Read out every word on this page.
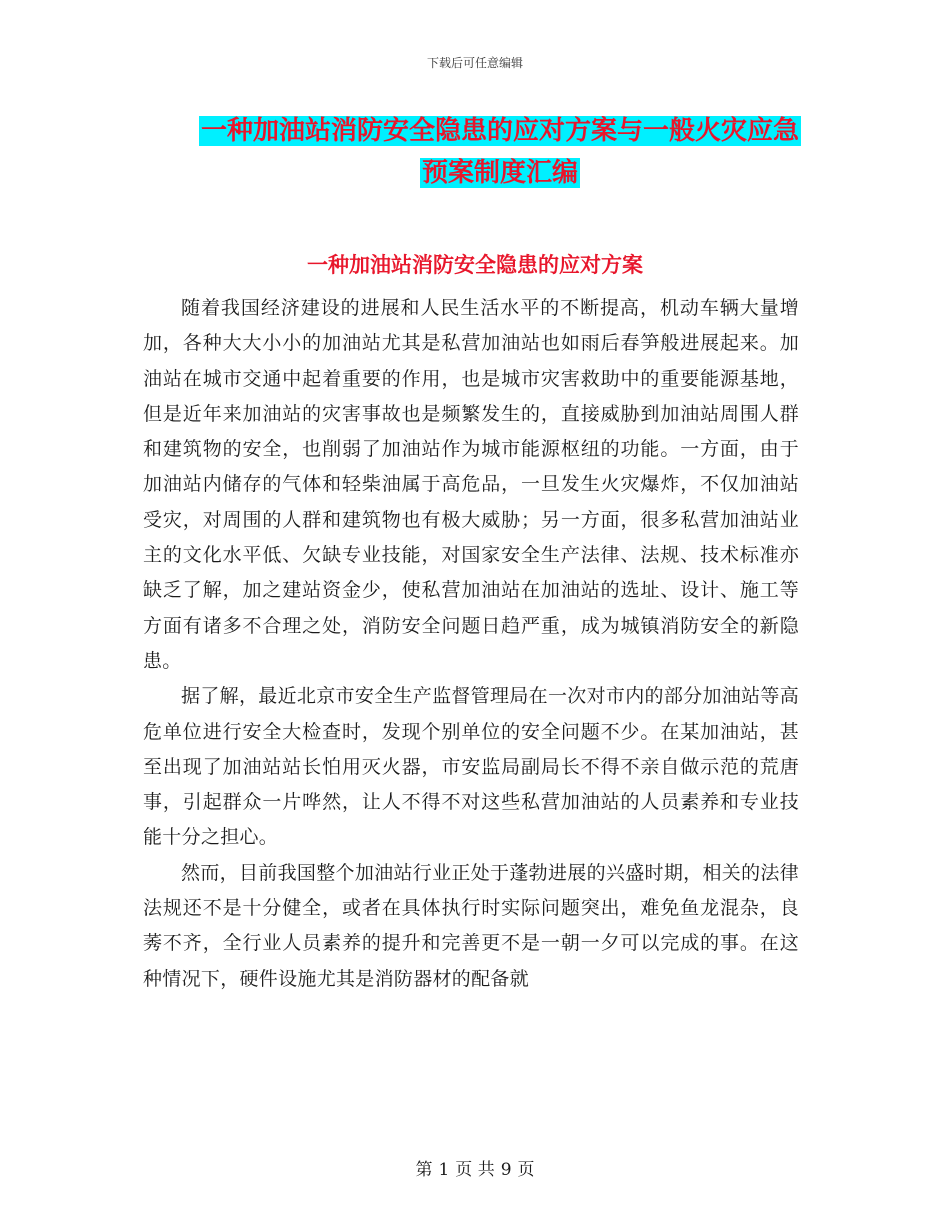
下载后可任意编辑
一种加油站消防安全隐患的应对方案与一般火灾应急
预案制度汇编
一种加油站消防安全隐患的应对方案

随着我国经济建设的进展和人民生活水平的不断提高，机动车辆大量增加，各种大大小小的加油站尤其是私营加油站也如雨后春笋般进展起来。加油站在城市交通中起着重要的作用，也是城市灾害救助中的重要能源基地，但是近年来加油站的灾害事故也是频繁发生的，直接威胁到加油站周围人群和建筑物的安全，也削弱了加油站作为城市能源枢纽的功能。一方面，由于加油站内储存的气体和轻柴油属于高危品，一旦发生火灾爆炸，不仅加油站受灾，对周围的人群和建筑物也有极大威胁；另一方面，很多私营加油站业主的文化水平低、欠缺专业技能，对国家安全生产法律、法规、技术标准亦缺乏了解，加之建站资金少，使私营加油站在加油站的选址、设计、施工等方面有诸多不合理之处，消防安全问题日趋严重，成为城镇消防安全的新隐患。

据了解，最近北京市安全生产监督管理局在一次对市内的部分加油站等高危单位进行安全大检查时，发现个别单位的安全问题不少。在某加油站，甚至出现了加油站站长怕用灭火器，市安监局副局长不得不亲自做示范的荒唐事，引起群众一片哗然，让人不得不对这些私营加油站的人员素养和专业技能十分之担心。

然而，目前我国整个加油站行业正处于蓬勃进展的兴盛时期，相关的法律法规还不是十分健全，或者在具体执行时实际问题突出，难免鱼龙混杂，良莠不齐，全行业人员素养的提升和完善更不是一朝一夕可以完成的事。在这种情况下，硬件设施尤其是消防器材的配备就

第 1 页 共 9 页
